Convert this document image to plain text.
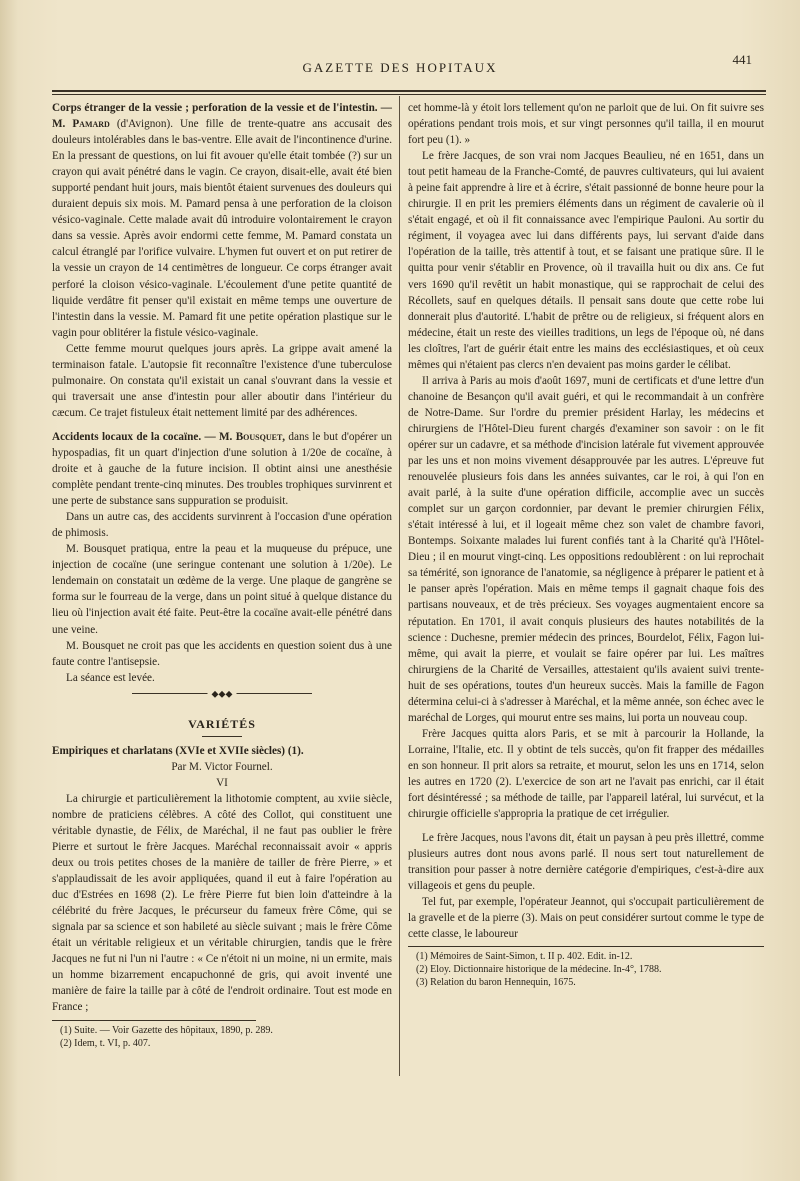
GAZETTE DES HOPITAUX
441

Corps étranger de la vessie ; perforation de la vessie et de l'intestin. — M. Pamard (d'Avignon). Une fille de trente-quatre ans accusait des douleurs intolérables dans le bas-ventre. Elle avait de l'incontinence d'urine. En la pressant de questions, on lui fit avouer qu'elle était tombée (?) sur un crayon qui avait pénétré dans le vagin. Ce crayon, disait-elle, avait été bien supporté pendant huit jours, mais bientôt étaient survenues des douleurs qui duraient depuis six mois. M. Pamard pensa à une perforation de la cloison vésico-vaginale. Cette malade avait dû introduire volontairement le crayon dans sa vessie. Après avoir endormi cette femme, M. Pamard constata un calcul étranglé par l'orifice vulvaire. L'hymen fut ouvert et on put retirer de la vessie un crayon de 14 centimètres de longueur. Ce corps étranger avait perforé la cloison vésico-vaginale. L'écoulement d'une petite quantité de liquide verdâtre fit penser qu'il existait en même temps une ouverture de l'intestin dans la vessie. M. Pamard fit une petite opération plastique sur le vagin pour oblitérer la fistule vésico-vaginale.

Cette femme mourut quelques jours après. La grippe avait amené la terminaison fatale. L'autopsie fit reconnaître l'existence d'une tuberculose pulmonaire. On constata qu'il existait un canal s'ouvrant dans la vessie et qui traversait une anse d'intestin pour aller aboutir dans l'intérieur du cæcum. Ce trajet fistuleux était nettement limité par des adhérences.

Accidents locaux de la cocaïne. — M. Bousquet, dans le but d'opérer un hypospadias, fit un quart d'injection d'une solution à 1/20e de cocaïne, à droite et à gauche de la future incision. Il obtint ainsi une anesthésie complète pendant trente-cinq minutes. Des troubles trophiques survinrent et une perte de substance sans suppuration se produisit.

Dans un autre cas, des accidents survinrent à l'occasion d'une opération de phimosis.

M. Bousquet pratiqua, entre la peau et la muqueuse du prépuce, une injection de cocaïne (une seringue contenant une solution à 1/20e). Le lendemain on constatait un œdème de la verge. Une plaque de gangrène se forma sur le fourreau de la verge, dans un point situé à quelque distance du lieu où l'injection avait été faite. Peut-être la cocaïne avait-elle pénétré dans une veine.

M. Bousquet ne croit pas que les accidents en question soient dus à une faute contre l'antisepsie.

La séance est levée.

⬥⬥⬥

VARIÉTÉS

Empiriques et charlatans (XVIe et XVIIe siècles) (1).

Par M. Victor Fournel.

VI

La chirurgie et particulièrement la lithotomie comptent, au xviie siècle, nombre de praticiens célèbres. A côté des Collot, qui constituent une véritable dynastie, de Félix, de Maréchal, il ne faut pas oublier le frère Pierre et surtout le frère Jacques. Maréchal reconnaissait avoir « appris deux ou trois petites choses de la manière de tailler de frère Pierre, » et s'applaudissait de les avoir appliquées, quand il eut à faire l'opération au duc d'Estrées en 1698 (2). Le frère Pierre fut bien loin d'atteindre à la célébrité du frère Jacques, le précurseur du fameux frère Côme, qui se signala par sa science et son habileté au siècle suivant ; mais le frère Côme était un véritable religieux et un véritable chirurgien, tandis que le frère Jacques ne fut ni l'un ni l'autre : « Ce n'étoit ni un moine, ni un ermite, mais un homme bizarrement encapuchonné de gris, qui avoit inventé une manière de faire la taille par à côté de l'endroit ordinaire. Tout est mode en France ;

(1) Suite. — Voir Gazette des hôpitaux, 1890, p. 289.

(2) Idem, t. VI, p. 407.

cet homme-là y étoit lors tellement qu'on ne parloit que de lui. On fit suivre ses opérations pendant trois mois, et sur vingt personnes qu'il tailla, il en mourut fort peu (1). »

Le frère Jacques, de son vrai nom Jacques Beaulieu, né en 1651, dans un tout petit hameau de la Franche-Comté, de pauvres cultivateurs, qui lui avaient à peine fait apprendre à lire et à écrire, s'était passionné de bonne heure pour la chirurgie. Il en prit les premiers éléments dans un régiment de cavalerie où il s'était engagé, et où il fit connaissance avec l'empirique Pauloni. Au sortir du régiment, il voyagea avec lui dans différents pays, lui servant d'aide dans l'opération de la taille, très attentif à tout, et se faisant une pratique sûre. Il le quitta pour venir s'établir en Provence, où il travailla huit ou dix ans. Ce fut vers 1690 qu'il revêtit un habit monastique, qui se rapprochait de celui des Récollets, sauf en quelques détails. Il pensait sans doute que cette robe lui donnerait plus d'autorité. L'habit de prêtre ou de religieux, si fréquent alors en médecine, était un reste des vieilles traditions, un legs de l'époque où, né dans les cloîtres, l'art de guérir était entre les mains des ecclésiastiques, et où ceux mêmes qui n'étaient pas clercs n'en devaient pas moins garder le célibat.

Il arriva à Paris au mois d'août 1697, muni de certificats et d'une lettre d'un chanoine de Besançon qu'il avait guéri, et qui le recommandait à un confrère de Notre-Dame. Sur l'ordre du premier président Harlay, les médecins et chirurgiens de l'Hôtel-Dieu furent chargés d'examiner son savoir : on le fit opérer sur un cadavre, et sa méthode d'incision latérale fut vivement approuvée par les uns et non moins vivement désapprouvée par les autres. L'épreuve fut renouvelée plusieurs fois dans les années suivantes, car le roi, à qui l'on en avait parlé, à la suite d'une opération difficile, accomplie avec un succès complet sur un garçon cordonnier, par devant le premier chirurgien Félix, s'était intéressé à lui, et il logeait même chez son valet de chambre favori, Bontemps. Soixante malades lui furent confiés tant à la Charité qu'à l'Hôtel-Dieu ; il en mourut vingt-cinq. Les oppositions redoublèrent : on lui reprochait sa témérité, son ignorance de l'anatomie, sa négligence à préparer le patient et à le panser après l'opération. Mais en même temps il gagnait chaque fois des partisans nouveaux, et de très précieux. Ses voyages augmentaient encore sa réputation. En 1701, il avait conquis plusieurs des hautes notabilités de la science : Duchesne, premier médecin des princes, Bourdelot, Félix, Fagon lui-même, qui avait la pierre, et voulait se faire opérer par lui. Les maîtres chirurgiens de la Charité de Versailles, attestaient qu'ils avaient suivi trente-huit de ses opérations, toutes d'un heureux succès. Mais la famille de Fagon détermina celui-ci à s'adresser à Maréchal, et la même année, son échec avec le maréchal de Lorges, qui mourut entre ses mains, lui porta un nouveau coup.

Frère Jacques quitta alors Paris, et se mit à parcourir la Hollande, la Lorraine, l'Italie, etc. Il y obtint de tels succès, qu'on fit frapper des médailles en son honneur. Il prit alors sa retraite, et mourut, selon les uns en 1714, selon les autres en 1720 (2). L'exercice de son art ne l'avait pas enrichi, car il était fort désintéressé ; sa méthode de taille, par l'appareil latéral, lui survécut, et la chirurgie officielle s'appropria la pratique de cet irrégulier.

Le frère Jacques, nous l'avons dit, était un paysan à peu près illettré, comme plusieurs autres dont nous avons parlé. Il nous sert tout naturellement de transition pour passer à notre dernière catégorie d'empiriques, c'est-à-dire aux villageois et gens du peuple.

Tel fut, par exemple, l'opérateur Jeannot, qui s'occupait particulièrement de la gravelle et de la pierre (3). Mais on peut considérer surtout comme le type de cette classe, le laboureur

(1) Mémoires de Saint-Simon, t. II p. 402. Edit. in-12.

(2) Eloy. Dictionnaire historique de la médecine. In-4°, 1788.

(3) Relation du baron Hennequin, 1675.
